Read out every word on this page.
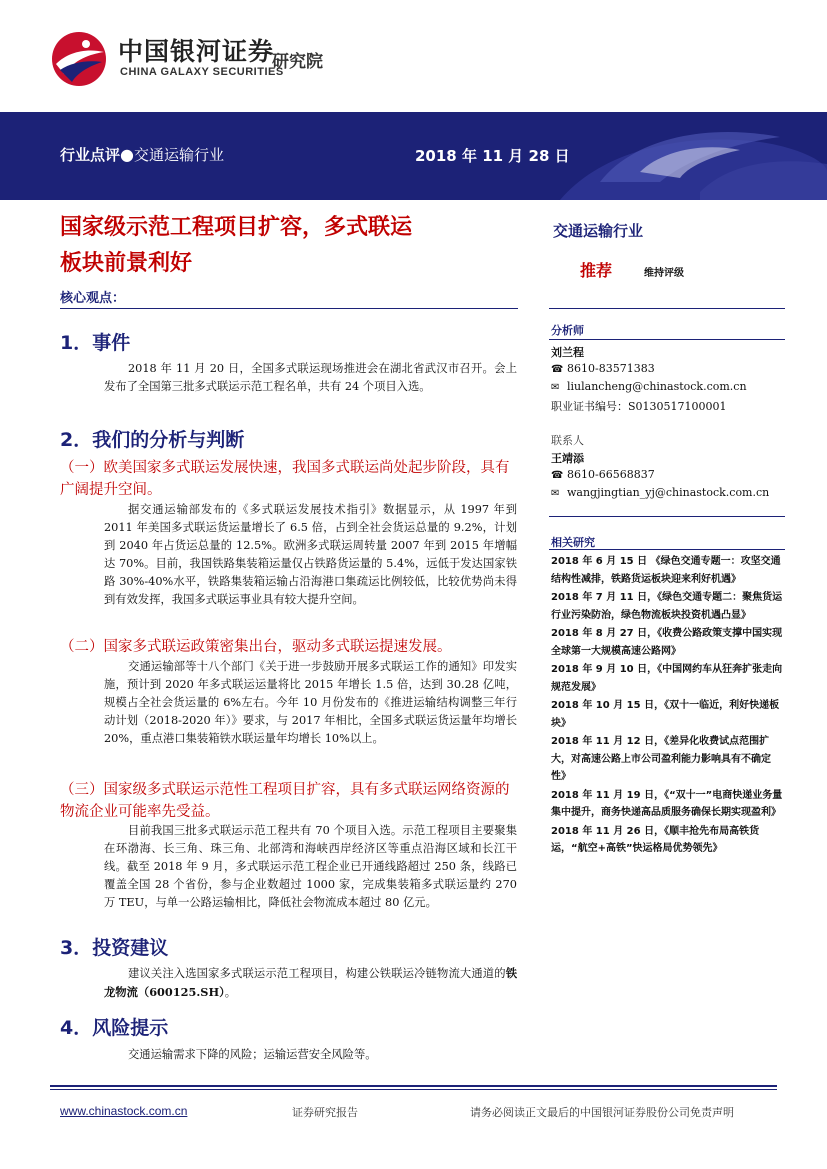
中国银河证券
CHINA GALAXY SECURITIES
研究院
行业点评●交通运输行业	2018 年 11 月 28 日
国家级示范工程项目扩容，多式联运
板块前景利好
核心观点：
1．事件
2018 年 11 月 20 日，全国多式联运现场推进会在湖北省武汉市召开。会上发布了全国第三批多式联运示范工程名单，共有 24 个项目入选。
2．我们的分析与判断
（一）欧美国家多式联运发展快速，我国多式联运尚处起步阶段，具有广阔提升空间。
据交通运输部发布的《多式联运发展技术指引》数据显示，从 1997 年到 2011 年美国多式联运货运量增长了 6.5 倍，占到全社会货运总量的 9.2%，计划到 2040 年占货运总量的 12.5%。欧洲多式联运周转量 2007 年到 2015 年增幅达 70%。目前，我国铁路集装箱运量仅占铁路货运量的 5.4%，远低于发达国家铁路 30%-40%水平，铁路集装箱运输占沿海港口集疏运比例较低，比较优势尚未得到有效发挥，我国多式联运事业具有较大提升空间。
（二）国家多式联运政策密集出台，驱动多式联运提速发展。
交通运输部等十八个部门《关于进一步鼓励开展多式联运工作的通知》印发实施，预计到 2020 年多式联运运量将比 2015 年增长 1.5 倍，达到 30.28 亿吨，规模占全社会货运量的 6%左右。今年 10 月份发布的《推进运输结构调整三年行动计划（2018-2020 年）》要求，与 2017 年相比，全国多式联运货运量年均增长 20%，重点港口集装箱铁水联运量年均增长 10%以上。
（三）国家级多式联运示范性工程项目扩容，具有多式联运网络资源的物流企业可能率先受益。
目前我国三批多式联运示范工程共有 70 个项目入选。示范工程项目主要聚集在环渤海、长三角、珠三角、北部湾和海峡西岸经济区等重点沿海区域和长江干线。截至 2018 年 9 月，多式联运示范工程企业已开通线路超过 250 条，线路已覆盖全国 28 个省份，参与企业数超过 1000 家，完成集装箱多式联运量约 270 万 TEU，与单一公路运输相比，降低社会物流成本超过 80 亿元。
3．投资建议
建议关注入选国家多式联运示范工程项目，构建公铁联运冷链物流大通道的铁龙物流（600125.SH）。
4．风险提示
交通运输需求下降的风险；运输运营安全风险等。
交通运输行业
推荐	维持评级
分析师
刘兰程
☎ 8610-83571383
✉ liulancheng@chinastock.com.cn
职业证书编号：S0130517100001
联系人
王靖添
☎ 8610-66568837
✉ wangjingtian_yj@chinastock.com.cn
相关研究
2018 年 6 月 15 日 《绿色交通专题一：攻坚交通结构性减排，铁路货运板块迎来利好机遇》
2018 年 7 月 11 日，《绿色交通专题二：聚焦货运行业污染防治，绿色物流板块投资机遇凸显》
2018 年 8 月 27 日，《收费公路政策支撑中国实现全球第一大规模高速公路网》
2018 年 9 月 10 日，《中国网约车从狂奔扩张走向规范发展》
2018 年 10 月 15 日，《双十一临近，利好快递板块》
2018 年 11 月 12 日，《差异化收费试点范围扩大，对高速公路上市公司盈利能力影响具有不确定性》
2018 年 11 月 19 日，《“双十一”电商快递业务量集中提升，商务快递高品质服务确保长期实现盈利》
2018 年 11 月 26 日，《顺丰抢先布局高铁货运，“航空+高铁”快运格局优势领先》
www.chinastock.com.cn	证券研究报告	请务必阅读正文最后的中国银河证券股份公司免责声明
